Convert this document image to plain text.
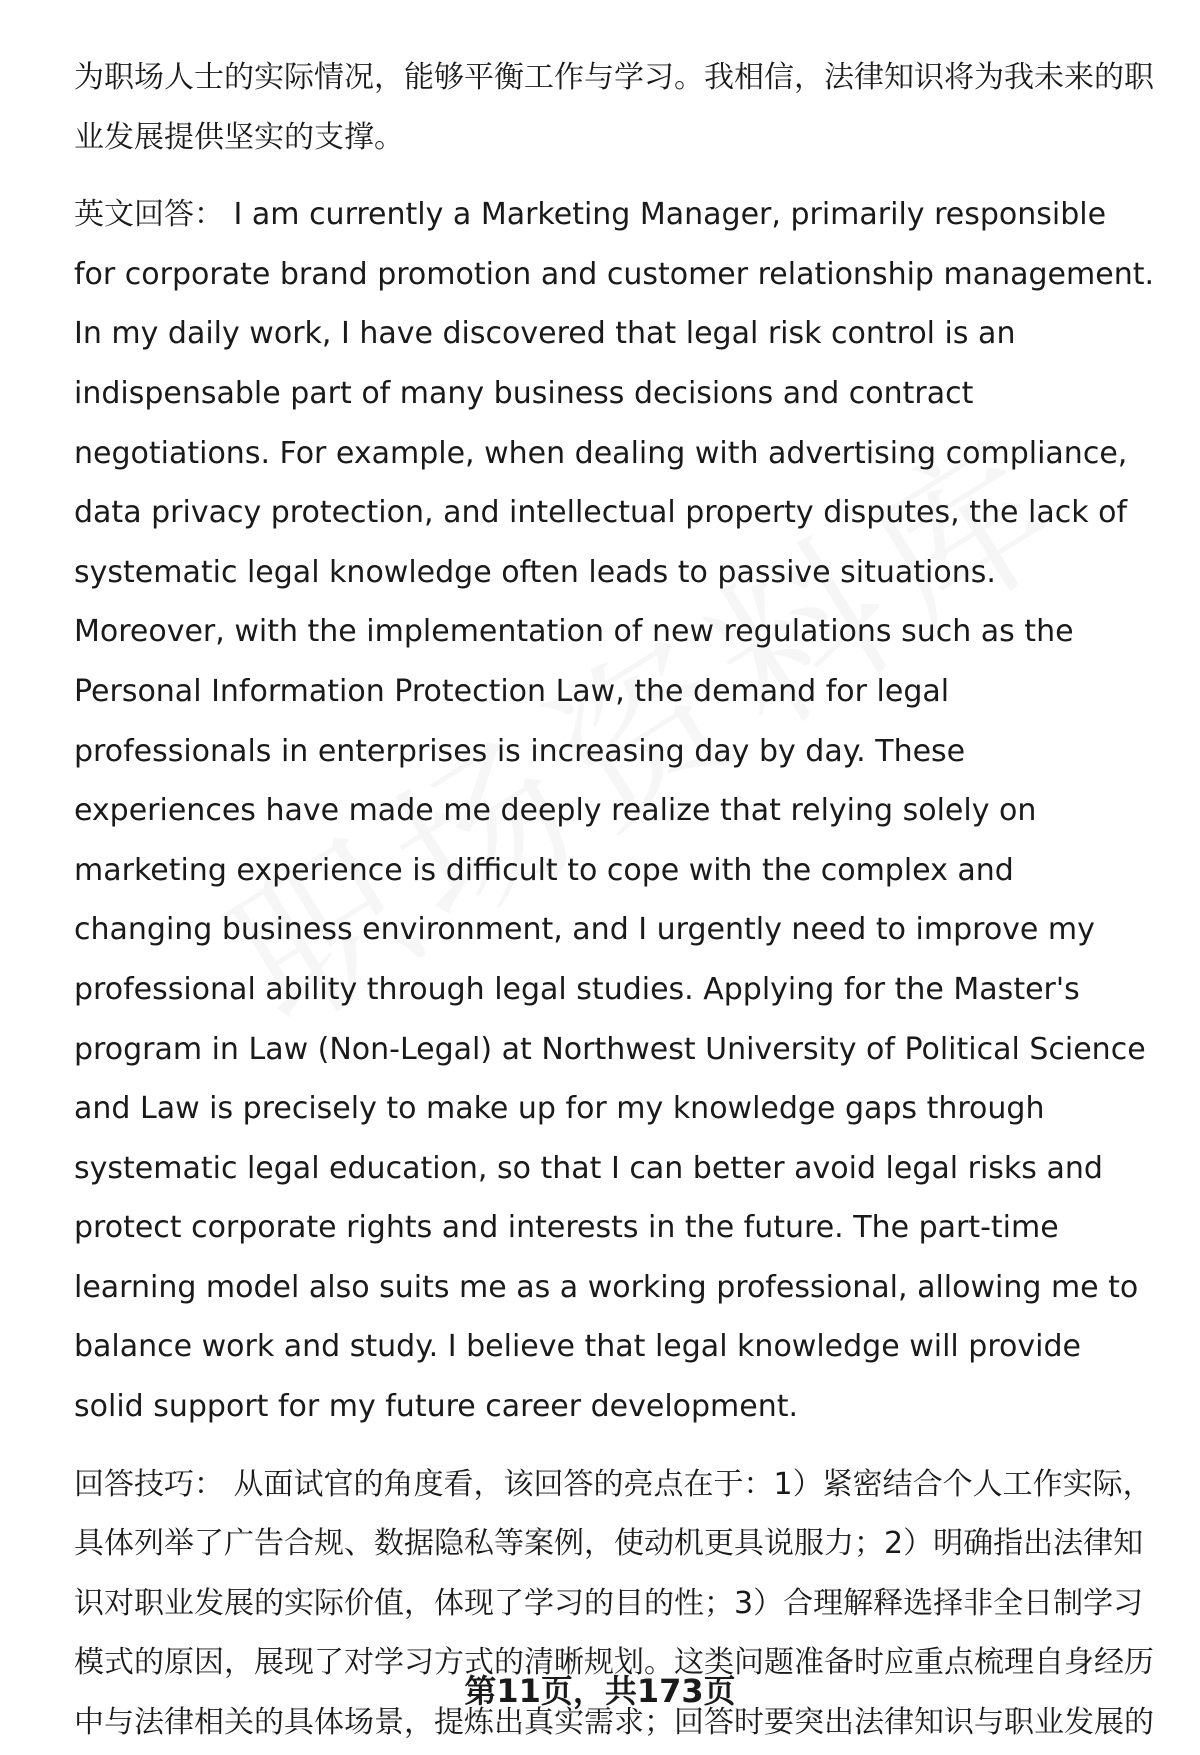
为职场人士的实际情况，能够平衡工作与学习。我相信，法律知识将为我未来的职业发展提供坚实的支撑。

英文回答： I am currently a Marketing Manager, primarily responsible for corporate brand promotion and customer relationship management. In my daily work, I have discovered that legal risk control is an indispensable part of many business decisions and contract negotiations. For example, when dealing with advertising compliance, data privacy protection, and intellectual property disputes, the lack of systematic legal knowledge often leads to passive situations. Moreover, with the implementation of new regulations such as the Personal Information Protection Law, the demand for legal professionals in enterprises is increasing day by day. These experiences have made me deeply realize that relying solely on marketing experience is difficult to cope with the complex and changing business environment, and I urgently need to improve my professional ability through legal studies. Applying for the Master's program in Law (Non-Legal) at Northwest University of Political Science and Law is precisely to make up for my knowledge gaps through systematic legal education, so that I can better avoid legal risks and protect corporate rights and interests in the future. The part-time learning model also suits me as a working professional, allowing me to balance work and study. I believe that legal knowledge will provide solid support for my future career development.

回答技巧： 从面试官的角度看，该回答的亮点在于：1）紧密结合个人工作实际，具体列举了广告合规、数据隐私等案例，使动机更具说服力；2）明确指出法律知识对职业发展的实际价值，体现了学习的目的性；3）合理解释选择非全日制学习模式的原因，展现了对学习方式的清晰规划。这类问题准备时应重点梳理自身经历中与法律相关的具体场景，提炼出真实需求；回答时要突出法律知识与职业发展的

第11页，共173页
